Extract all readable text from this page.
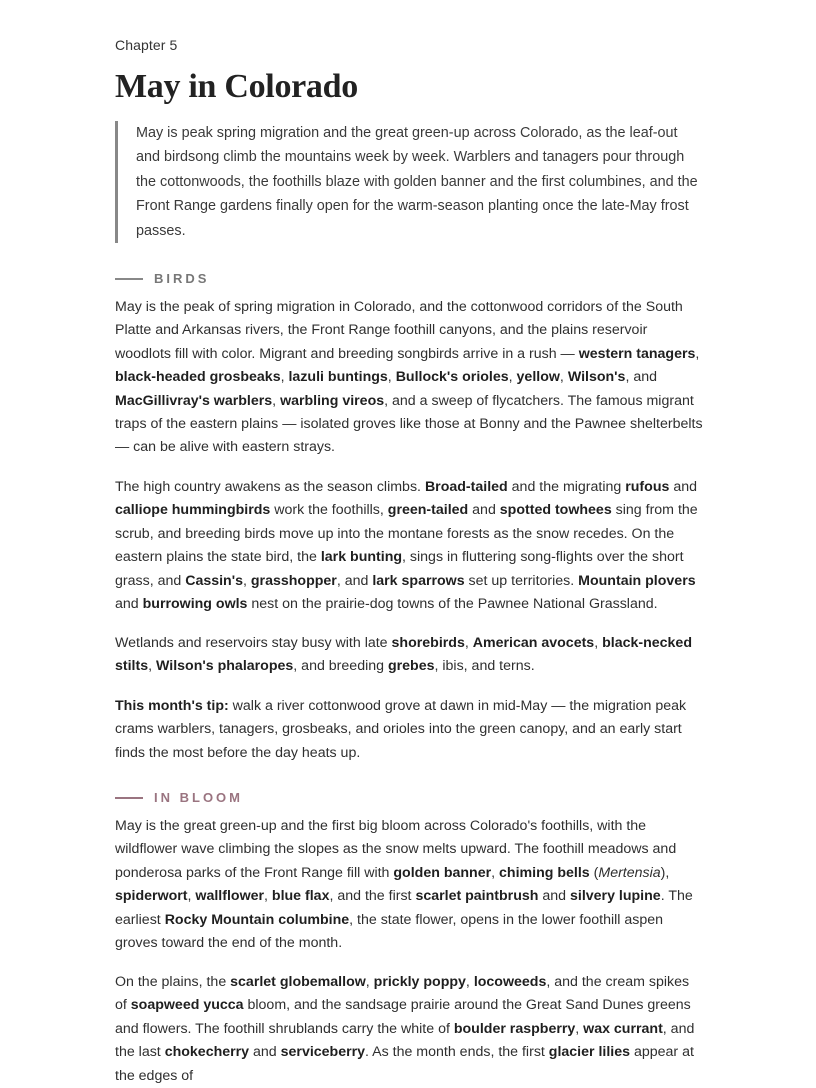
Chapter 5
May in Colorado
May is peak spring migration and the great green-up across Colorado, as the leaf-out and birdsong climb the mountains week by week. Warblers and tanagers pour through the cottonwoods, the foothills blaze with golden banner and the first columbines, and the Front Range gardens finally open for the warm-season planting once the late-May frost passes.
BIRDS

May is the peak of spring migration in Colorado, and the cottonwood corridors of the South Platte and Arkansas rivers, the Front Range foothill canyons, and the plains reservoir woodlots fill with color. Migrant and breeding songbirds arrive in a rush — western tanagers, black-headed grosbeaks, lazuli buntings, Bullock's orioles, yellow, Wilson's, and MacGillivray's warblers, warbling vireos, and a sweep of flycatchers. The famous migrant traps of the eastern plains — isolated groves like those at Bonny and the Pawnee shelterbelts — can be alive with eastern strays.

The high country awakens as the season climbs. Broad-tailed and the migrating rufous and calliope hummingbirds work the foothills, green-tailed and spotted towhees sing from the scrub, and breeding birds move up into the montane forests as the snow recedes. On the eastern plains the state bird, the lark bunting, sings in fluttering song-flights over the short grass, and Cassin's, grasshopper, and lark sparrows set up territories. Mountain plovers and burrowing owls nest on the prairie-dog towns of the Pawnee National Grassland.

Wetlands and reservoirs stay busy with late shorebirds, American avocets, black-necked stilts, Wilson's phalaropes, and breeding grebes, ibis, and terns.

This month's tip: walk a river cottonwood grove at dawn in mid-May — the migration peak crams warblers, tanagers, grosbeaks, and orioles into the green canopy, and an early start finds the most before the day heats up.

IN BLOOM

May is the great green-up and the first big bloom across Colorado's foothills, with the wildflower wave climbing the slopes as the snow melts upward. The foothill meadows and ponderosa parks of the Front Range fill with golden banner, chiming bells (Mertensia), spiderwort, wallflower, blue flax, and the first scarlet paintbrush and silvery lupine. The earliest Rocky Mountain columbine, the state flower, opens in the lower foothill aspen groves toward the end of the month.

On the plains, the scarlet globemallow, prickly poppy, locoweeds, and the cream spikes of soapweed yucca bloom, and the sandsage prairie around the Great Sand Dunes greens and flowers. The foothill shrublands carry the white of boulder raspberry, wax currant, and the last chokecherry and serviceberry. As the month ends, the first glacier lilies appear at the edges of
